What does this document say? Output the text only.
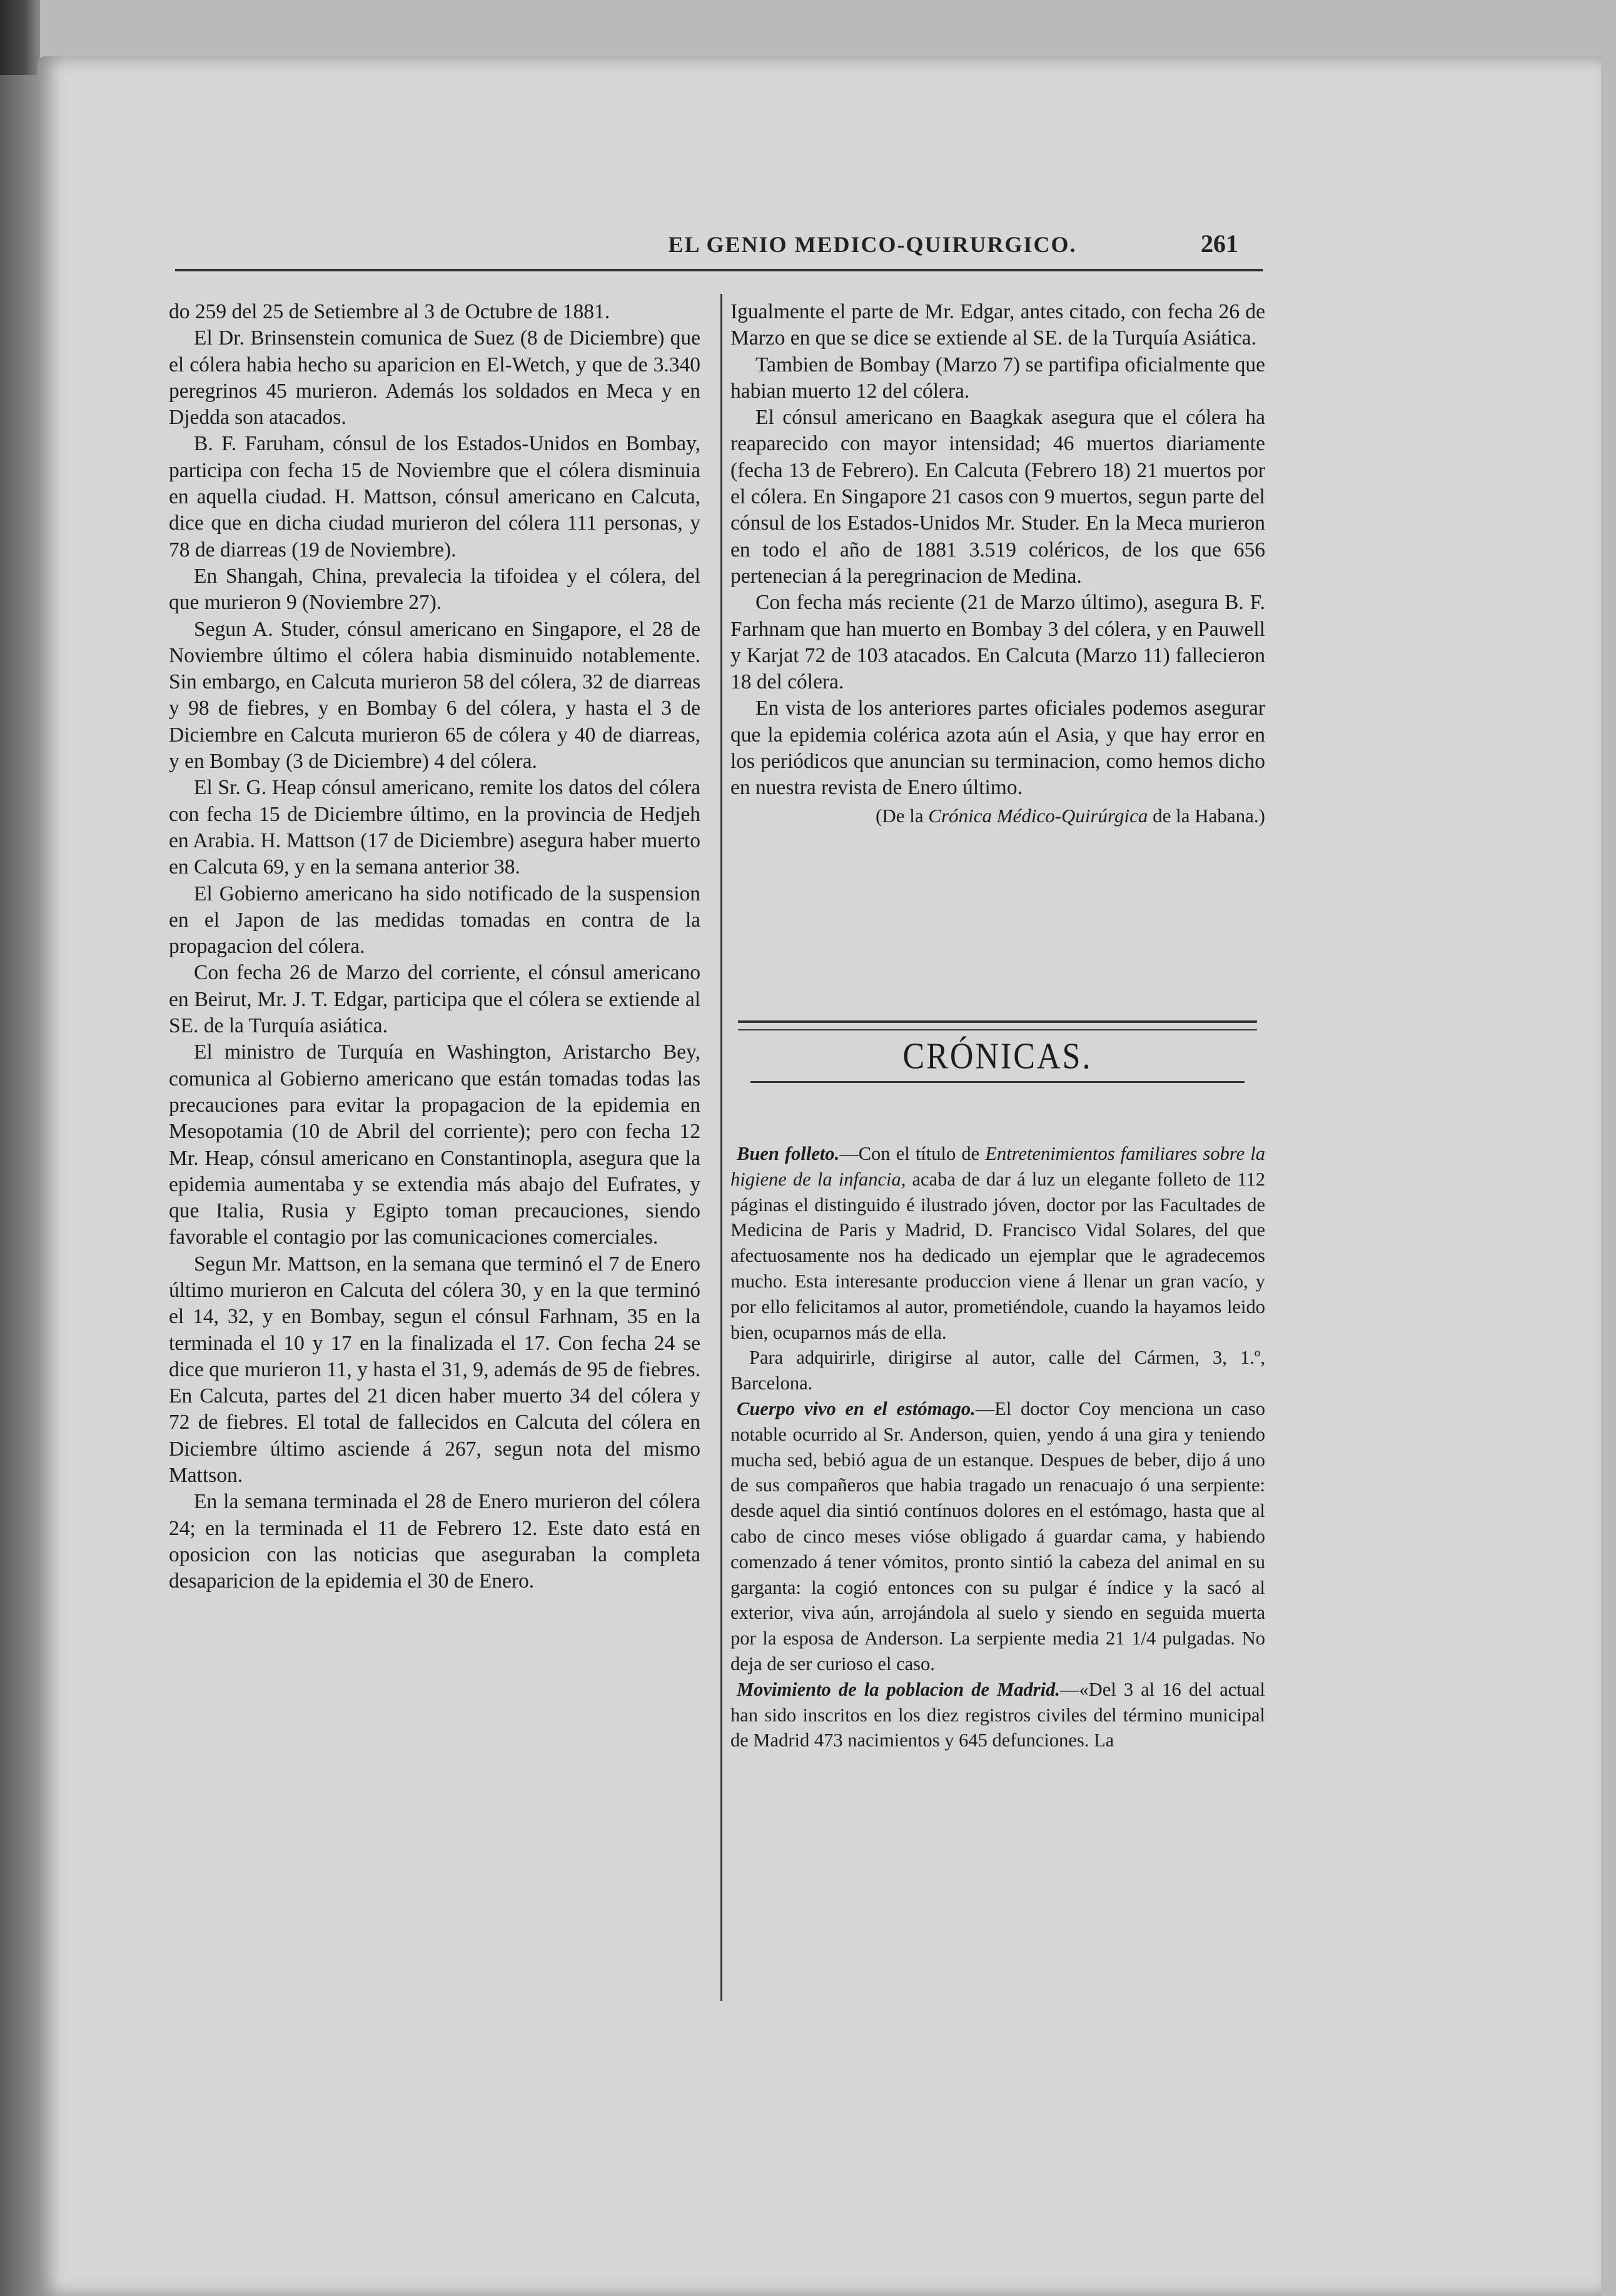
EL GENIO MEDICO-QUIRURGICO.	261

do 259 del 25 de Setiembre al 3 de Octubre de 1881.

El Dr. Brinsenstein comunica de Suez (8 de Diciembre) que el cólera habia hecho su aparicion en El-Wetch, y que de 3.340 peregrinos 45 murieron. Además los soldados en Meca y en Djedda son atacados.

B. F. Faruham, cónsul de los Estados-Unidos en Bombay, participa con fecha 15 de Noviembre que el cólera disminuia en aquella ciudad. H. Mattson, cónsul americano en Calcuta, dice que en dicha ciudad murieron del cólera 111 personas, y 78 de diarreas (19 de Noviembre).

En Shangah, China, prevalecia la tifoidea y el cólera, del que murieron 9 (Noviembre 27).

Segun A. Studer, cónsul americano en Singapore, el 28 de Noviembre último el cólera habia disminuido notablemente. Sin embargo, en Calcuta murieron 58 del cólera, 32 de diarreas y 98 de fiebres, y en Bombay 6 del cólera, y hasta el 3 de Diciembre en Calcuta murieron 65 de cólera y 40 de diarreas, y en Bombay (3 de Diciembre) 4 del cólera.

El Sr. G. Heap cónsul americano, remite los datos del cólera con fecha 15 de Diciembre último, en la provincia de Hedjeh en Arabia. H. Mattson (17 de Diciembre) asegura haber muerto en Calcuta 69, y en la semana anterior 38.

El Gobierno americano ha sido notificado de la suspension en el Japon de las medidas tomadas en contra de la propagacion del cólera.

Con fecha 26 de Marzo del corriente, el cónsul americano en Beirut, Mr. J. T. Edgar, participa que el cólera se extiende al SE. de la Turquía asiática.

El ministro de Turquía en Washington, Aristarcho Bey, comunica al Gobierno americano que están tomadas todas las precauciones para evitar la propagacion de la epidemia en Mesopotamia (10 de Abril del corriente); pero con fecha 12 Mr. Heap, cónsul americano en Constantinopla, asegura que la epidemia aumentaba y se extendia más abajo del Eufrates, y que Italia, Rusia y Egipto toman precauciones, siendo favorable el contagio por las comunicaciones comerciales.

Segun Mr. Mattson, en la semana que terminó el 7 de Enero último murieron en Calcuta del cólera 30, y en la que terminó el 14, 32, y en Bombay, segun el cónsul Farhnam, 35 en la terminada el 10 y 17 en la finalizada el 17. Con fecha 24 se dice que murieron 11, y hasta el 31, 9, además de 95 de fiebres. En Calcuta, partes del 21 dicen haber muerto 34 del cólera y 72 de fiebres. El total de fallecidos en Calcuta del cólera en Diciembre último asciende á 267, segun nota del mismo Mattson.

En la semana terminada el 28 de Enero murieron del cólera 24; en la terminada el 11 de Febrero 12. Este dato está en oposicion con las noticias que aseguraban la completa desaparicion de la epidemia el 30 de Enero.

Igualmente el parte de Mr. Edgar, antes citado, con fecha 26 de Marzo en que se dice se extiende al SE. de la Turquía Asiática.

Tambien de Bombay (Marzo 7) se partifipa oficialmente que habian muerto 12 del cólera.

El cónsul americano en Baagkak asegura que el cólera ha reaparecido con mayor intensidad; 46 muertos diariamente (fecha 13 de Febrero). En Calcuta (Febrero 18) 21 muertos por el cólera. En Singapore 21 casos con 9 muertos, segun parte del cónsul de los Estados-Unidos Mr. Studer. En la Meca murieron en todo el año de 1881 3.519 coléricos, de los que 656 pertenecian á la peregrinacion de Medina.

Con fecha más reciente (21 de Marzo último), asegura B. F. Farhnam que han muerto en Bombay 3 del cólera, y en Pauwell y Karjat 72 de 103 atacados. En Calcuta (Marzo 11) fallecieron 18 del cólera.

En vista de los anteriores partes oficiales podemos asegurar que la epidemia colérica azota aún el Asia, y que hay error en los periódicos que anuncian su terminacion, como hemos dicho en nuestra revista de Enero último.

(De la Crónica Médico-Quirúrgica de la Habana.)

CRÓNICAS.

Buen folleto.—Con el título de Entretenimientos familiares sobre la higiene de la infancia, acaba de dar á luz un elegante folleto de 112 páginas el distinguido é ilustrado jóven, doctor por las Facultades de Medicina de Paris y Madrid, D. Francisco Vidal Solares, del que afectuosamente nos ha dedicado un ejemplar que le agradecemos mucho. Esta interesante produccion viene á llenar un gran vacío, y por ello felicitamos al autor, prometiéndole, cuando la hayamos leido bien, ocuparnos más de ella.

Para adquirirle, dirigirse al autor, calle del Cármen, 3, 1.º, Barcelona.

Cuerpo vivo en el estómago.—El doctor Coy menciona un caso notable ocurrido al Sr. Anderson, quien, yendo á una gira y teniendo mucha sed, bebió agua de un estanque. Despues de beber, dijo á uno de sus compañeros que habia tragado un renacuajo ó una serpiente: desde aquel dia sintió contínuos dolores en el estómago, hasta que al cabo de cinco meses vióse obligado á guardar cama, y habiendo comenzado á tener vómitos, pronto sintió la cabeza del animal en su garganta: la cogió entonces con su pulgar é índice y la sacó al exterior, viva aún, arrojándola al suelo y siendo en seguida muerta por la esposa de Anderson. La serpiente media 21 1/4 pulgadas. No deja de ser curioso el caso.

Movimiento de la poblacion de Madrid.—«Del 3 al 16 del actual han sido inscritos en los diez registros civiles del término municipal de Madrid 473 nacimientos y 645 defunciones. La
